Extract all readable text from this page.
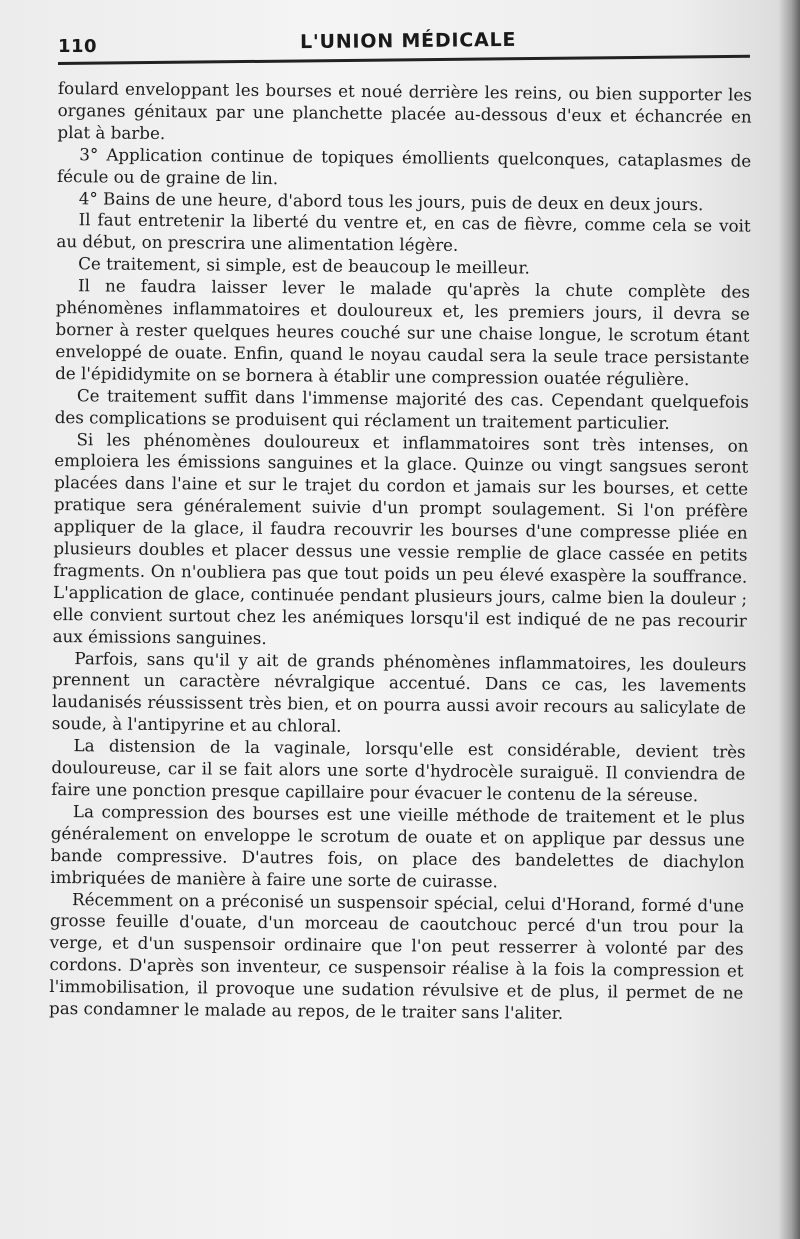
110	L'UNION MÉDICALE

foulard enveloppant les bourses et noué derrière les reins, ou bien supporter les organes génitaux par une planchette placée au-dessous d'eux et échancrée en plat à barbe.

3° Application continue de topiques émollients quelconques, cataplasmes de fécule ou de graine de lin.

4° Bains de une heure, d'abord tous les jours, puis de deux en deux jours.

Il faut entretenir la liberté du ventre et, en cas de fièvre, comme cela se voit au début, on prescrira une alimentation légère.

Ce traitement, si simple, est de beaucoup le meilleur.

Il ne faudra laisser lever le malade qu'après la chute complète des phénomènes inflammatoires et douloureux et, les premiers jours, il devra se borner à rester quelques heures couché sur une chaise longue, le scrotum étant enveloppé de ouate. Enfin, quand le noyau caudal sera la seule trace persistante de l'épididymite on se bornera à établir une compression ouatée régulière.

Ce traitement suffit dans l'immense majorité des cas. Cependant quelquefois des complications se produisent qui réclament un traitement particulier.

Si les phénomènes douloureux et inflammatoires sont très intenses, on emploiera les émissions sanguines et la glace. Quinze ou vingt sangsues seront placées dans l'aine et sur le trajet du cordon et jamais sur les bourses, et cette pratique sera généralement suivie d'un prompt soulagement. Si l'on préfère appliquer de la glace, il faudra recouvrir les bourses d'une compresse pliée en plusieurs doubles et placer dessus une vessie remplie de glace cassée en petits fragments. On n'oubliera pas que tout poids un peu élevé exaspère la souffrance. L'application de glace, continuée pendant plusieurs jours, calme bien la douleur ; elle convient surtout chez les anémiques lorsqu'il est indiqué de ne pas recourir aux émissions sanguines.

Parfois, sans qu'il y ait de grands phénomènes inflammatoires, les douleurs prennent un caractère névralgique accentué. Dans ce cas, les lavements laudanisés réussissent très bien, et on pourra aussi avoir recours au salicylate de soude, à l'antipyrine et au chloral.

La distension de la vaginale, lorsqu'elle est considérable, devient très douloureuse, car il se fait alors une sorte d'hydrocèle suraiguë. Il conviendra de faire une ponction presque capillaire pour évacuer le contenu de la séreuse.

La compression des bourses est une vieille méthode de traitement et le plus généralement on enveloppe le scrotum de ouate et on applique par dessus une bande compressive. D'autres fois, on place des bandelettes de diachylon imbriquées de manière à faire une sorte de cuirasse.

Récemment on a préconisé un suspensoir spécial, celui d'Horand, formé d'une grosse feuille d'ouate, d'un morceau de caoutchouc percé d'un trou pour la verge, et d'un suspensoir ordinaire que l'on peut resserrer à volonté par des cordons. D'après son inventeur, ce suspensoir réalise à la fois la compression et l'immobilisation, il provoque une sudation révulsive et de plus, il permet de ne pas condamner le malade au repos, de le traiter sans l'aliter.
